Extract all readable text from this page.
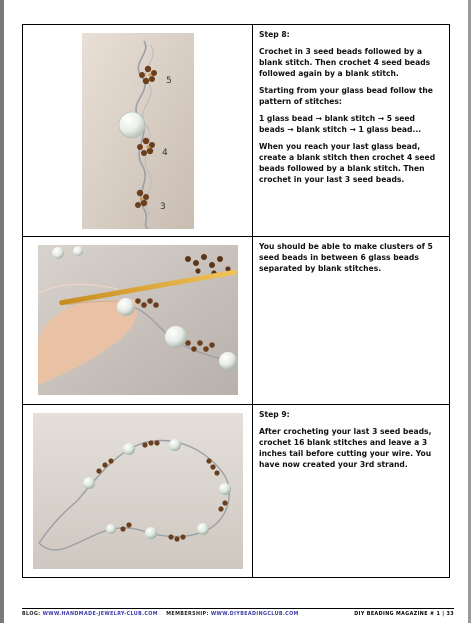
5
4
3

Step 8:

Crochet in 3 seed beads followed by a blank stitch. Then crochet 4 seed beads followed again by a blank stitch.

Starting from your glass bead follow the pattern of stitches:

1 glass bead → blank stitch → 5 seed beads → blank stitch → 1 glass bead...

When you reach your last glass bead, create a blank stitch then crochet 4 seed beads followed by a blank stitch. Then crochet in your last 3 seed beads.

You should be able to make clusters of 5 seed beads in between 6 glass beads separated by blank stitches.

Step 9:

After crocheting your last 3 seed beads, crochet 16 blank stitches and leave a 3 inches tail before cutting your wire. You have now created your 3rd strand.

BLOG: WWW.HANDMADE-JEWELRY-CLUB.COM MEMBERSHIP: WWW.DIYBEADINGCLUB.COM	DIY BEADING MAGAZINE # 1 | 33
